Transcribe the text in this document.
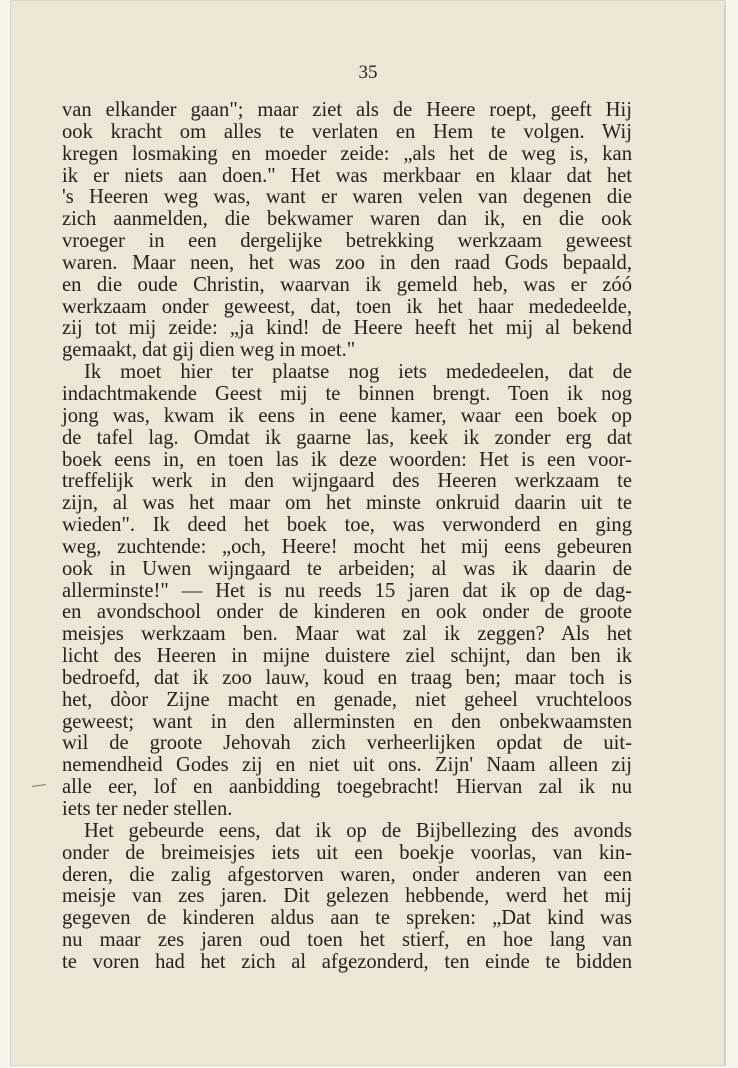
35
van elkander gaan"; maar ziet als de Heere roept, geeft Hij
ook kracht om alles te verlaten en Hem te volgen. Wij
kregen losmaking en moeder zeide: „als het de weg is, kan
ik er niets aan doen." Het was merkbaar en klaar dat het
's Heeren weg was, want er waren velen van degenen die
zich aanmelden, die bekwamer waren dan ik, en die ook
vroeger in een dergelijke betrekking werkzaam geweest
waren. Maar neen, het was zoo in den raad Gods bepaald,
en die oude Christin, waarvan ik gemeld heb, was er zóó
werkzaam onder geweest, dat, toen ik het haar mededeelde,
zij tot mij zeide: „ja kind! de Heere heeft het mij al bekend
gemaakt, dat gij dien weg in moet."
Ik moet hier ter plaatse nog iets mededeelen, dat de
indachtmakende Geest mij te binnen brengt. Toen ik nog
jong was, kwam ik eens in eene kamer, waar een boek op
de tafel lag. Omdat ik gaarne las, keek ik zonder erg dat
boek eens in, en toen las ik deze woorden: Het is een voor-
treffelijk werk in den wijngaard des Heeren werkzaam te
zijn, al was het maar om het minste onkruid daarin uit te
wieden". Ik deed het boek toe, was verwonderd en ging
weg, zuchtende: „och, Heere! mocht het mij eens gebeuren
ook in Uwen wijngaard te arbeiden; al was ik daarin de
allerminste!" — Het is nu reeds 15 jaren dat ik op de dag-
en avondschool onder de kinderen en ook onder de groote
meisjes werkzaam ben. Maar wat zal ik zeggen? Als het
licht des Heeren in mijne duistere ziel schijnt, dan ben ik
bedroefd, dat ik zoo lauw, koud en traag ben; maar toch is
het, dòor Zijne macht en genade, niet geheel vruchteloos
geweest; want in den allerminsten en den onbekwaamsten
wil de groote Jehovah zich verheerlijken opdat de uit-
nemendheid Godes zij en niet uit ons. Zijn' Naam alleen zij
alle eer, lof en aanbidding toegebracht! Hiervan zal ik nu
iets ter neder stellen.
Het gebeurde eens, dat ik op de Bijbellezing des avonds
onder de breimeisjes iets uit een boekje voorlas, van kin-
deren, die zalig afgestorven waren, onder anderen van een
meisje van zes jaren. Dit gelezen hebbende, werd het mij
gegeven de kinderen aldus aan te spreken: „Dat kind was
nu maar zes jaren oud toen het stierf, en hoe lang van
te voren had het zich al afgezonderd, ten einde te bidden
